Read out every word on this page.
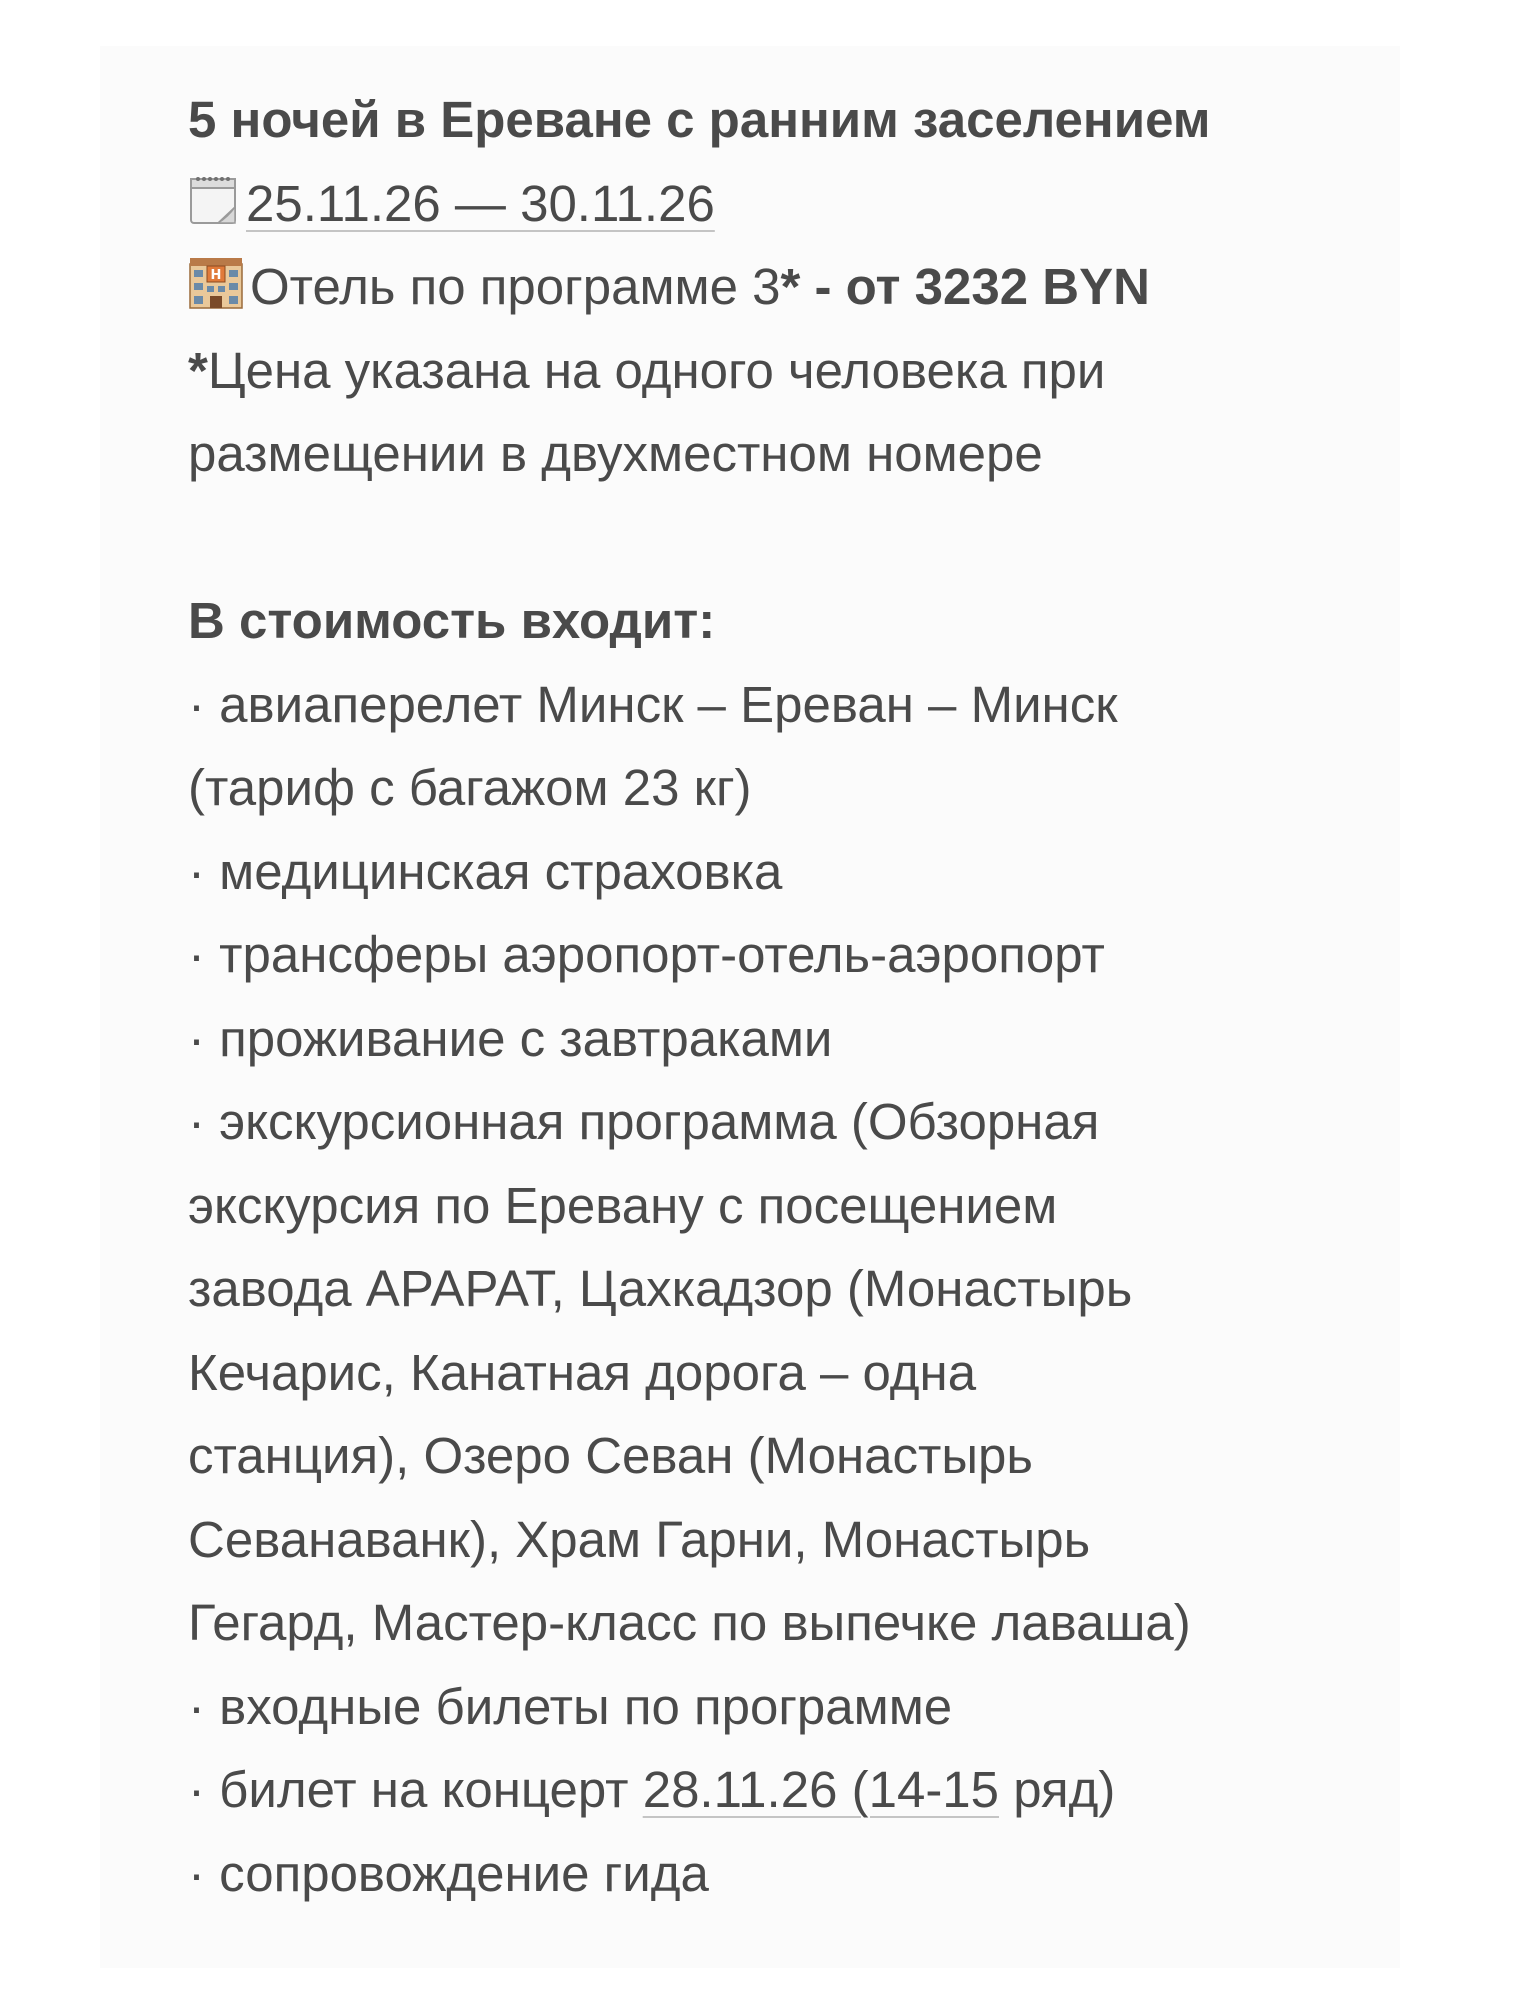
5 ночей в Ереване с ранним заселением
25.11.26 — 30.11.26
H Отель по программе 3* - от 3232 BYN
*Цена указана на одного человека при
размещении в двухместном номере
В стоимость входит:
· авиаперелет Минск – Ереван – Минск
(тариф с багажом 23 кг)
· медицинская страховка
· трансферы аэропорт-отель-аэропорт
· проживание с завтраками
· экскурсионная программа (Обзорная
экскурсия по Еревану с посещением
завода АРАРАТ, Цахкадзор (Монастырь
Кечарис, Канатная дорога – одна
станция), Озеро Севан (Монастырь
Севанаванк), Храм Гарни, Монастырь
Гегард, Мастер-класс по выпечке лаваша)
· входные билеты по программе
· билет на концерт 28.11.26 (14-15 ряд)
· сопровождение гида
